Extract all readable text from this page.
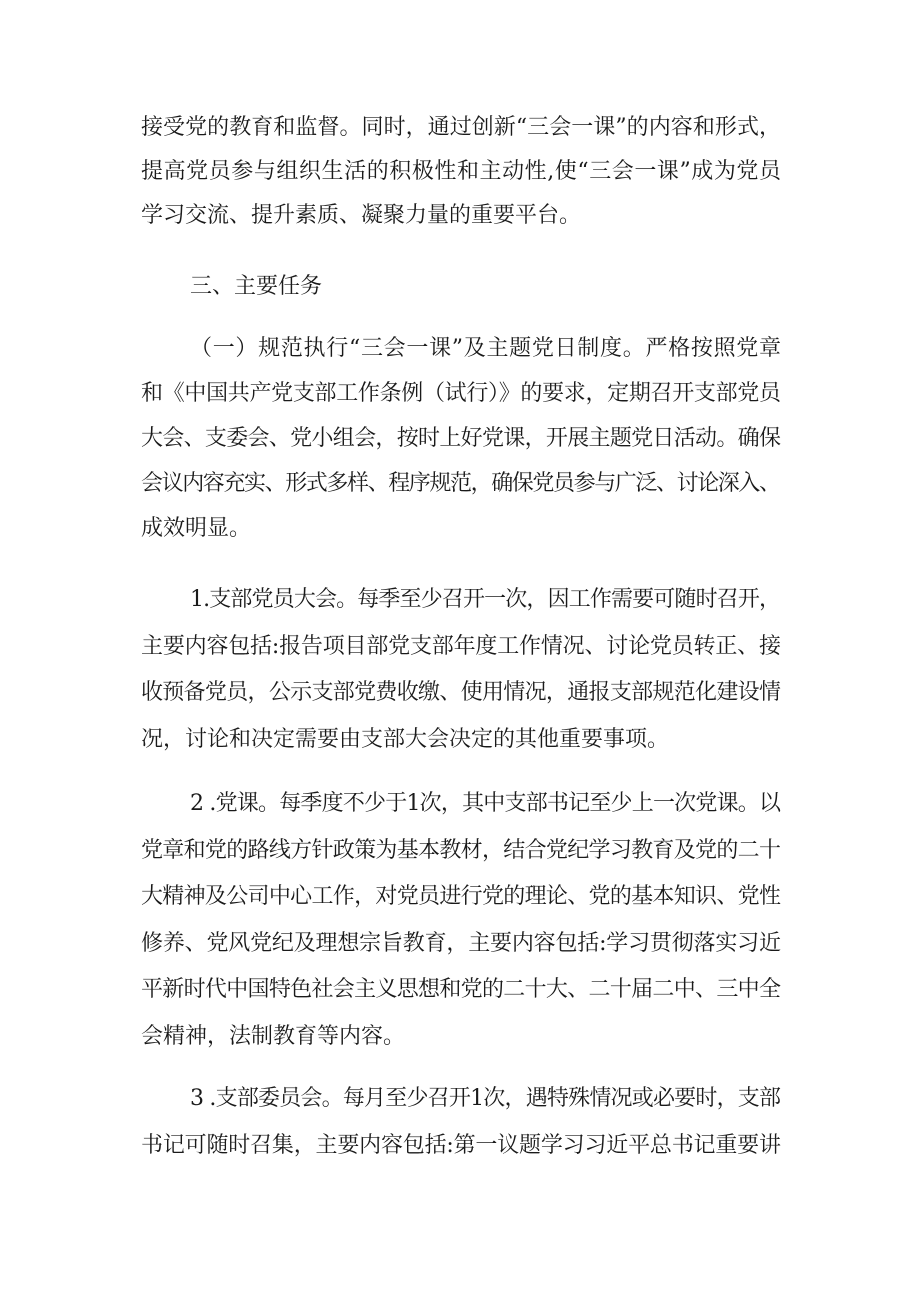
接受党的教育和监督。同时，通过创新“三会一课”的内容和形式，
提高党员参与组织生活的积极性和主动性,使“三会一课”成为党员
学习交流、提升素质、凝聚力量的重要平台。
三、主要任务
（一）规范执行“三会一课”及主题党日制度。严格按照党章
和《中国共产党支部工作条例（试行）》的要求，定期召开支部党员
大会、支委会、党小组会，按时上好党课，开展主题党日活动。确保
会议内容充实、形式多样、程序规范，确保党员参与广泛、讨论深入、
成效明显。
1.支部党员大会。每季至少召开一次，因工作需要可随时召开，
主要内容包括:报告项目部党支部年度工作情况、讨论党员转正、接
收预备党员，公示支部党费收缴、使用情况，通报支部规范化建设情
况，讨论和决定需要由支部大会决定的其他重要事项。
2 .党课。每季度不少于1次，其中支部书记至少上一次党课。以
党章和党的路线方针政策为基本教材，结合党纪学习教育及党的二十
大精神及公司中心工作，对党员进行党的理论、党的基本知识、党性
修养、党风党纪及理想宗旨教育，主要内容包括:学习贯彻落实习近
平新时代中国特色社会主义思想和党的二十大、二十届二中、三中全
会精神，法制教育等内容。
3 .支部委员会。每月至少召开1次，遇特殊情况或必要时，支部
书记可随时召集，主要内容包括:第一议题学习习近平总书记重要讲
